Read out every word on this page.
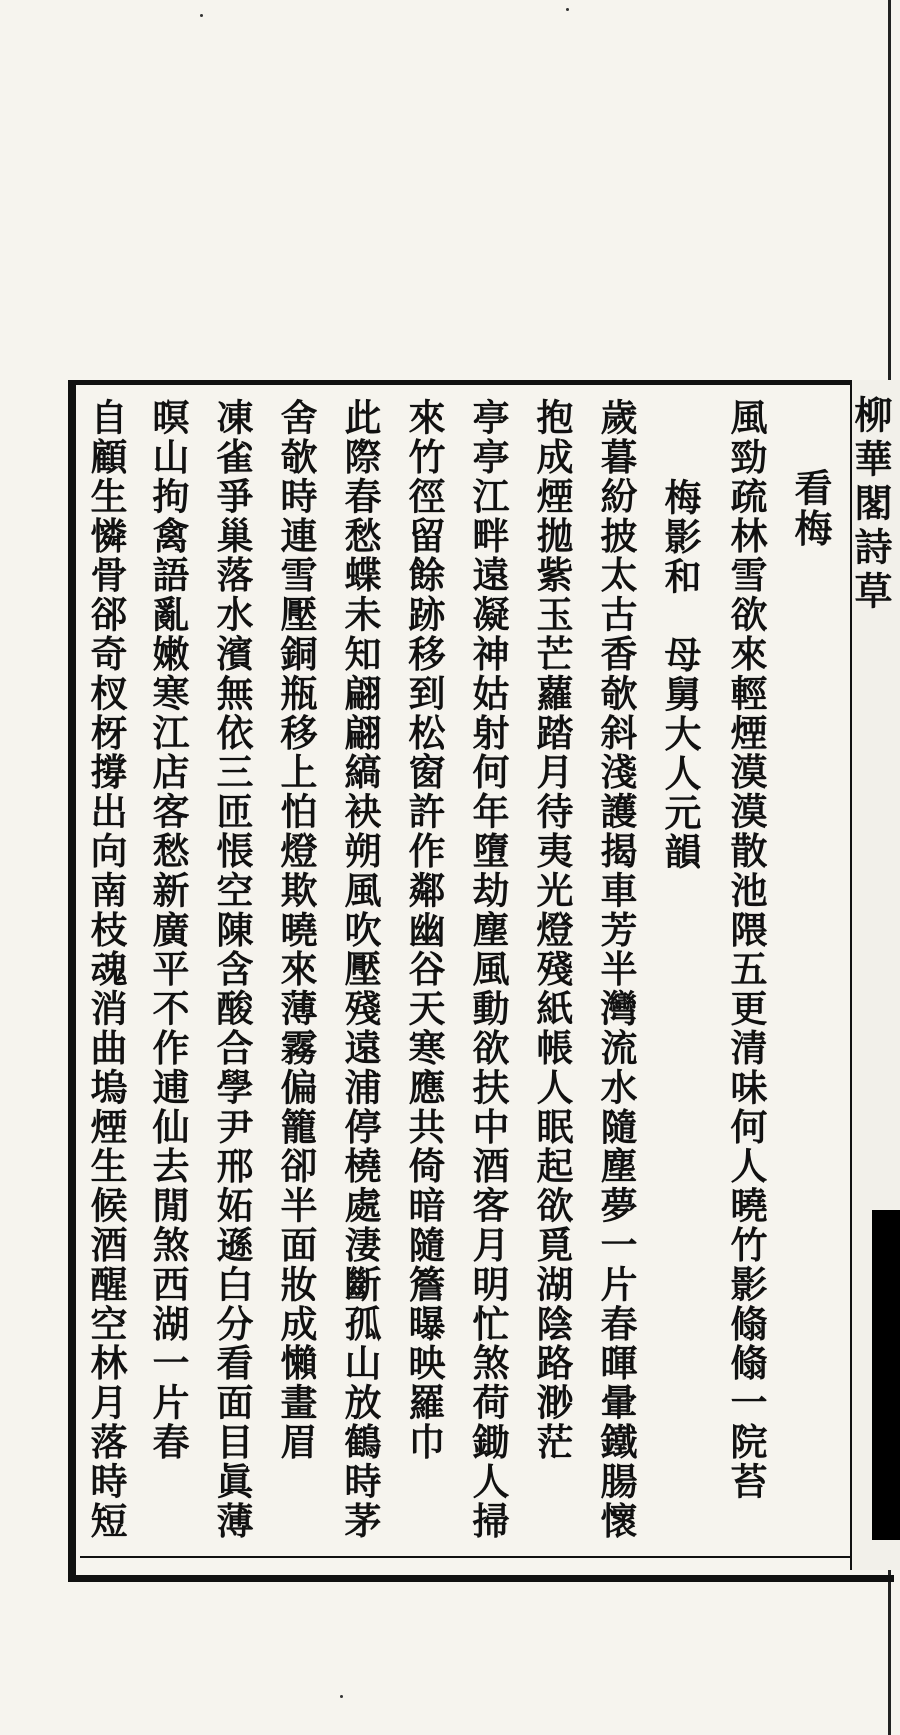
柳華閣詩草
看梅
風勁疏林雪欲來輕煙漠漠散池隈五更清味何人曉竹影翛翛一院苔
梅影和　母舅大人元韻
歲暮紛披太古香欹斜淺護揭車芳半灣流水隨塵夢一片春暉暈鐵腸懷
抱成煙拋紫玉芒蘿踏月待夷光燈殘紙帳人眠起欲覓湖陰路渺茫
亭亭江畔遠凝神姑射何年墮劫塵風動欲扶中酒客月明忙煞荷鋤人掃
來竹徑留餘跡移到松窗許作鄰幽谷天寒應共倚暗隨簷曝映羅巾
此際春愁蝶未知翩翩縞袂朔風吹壓殘遠浦停橈處淒斷孤山放鶴時茅
舍欹時連雪壓銅瓶移上怕燈欺曉來薄霧偏籠卻半面妝成懶畫眉
凍雀爭巢落水濱無依三匝悵空陳含酸合學尹邢妬遜白分看面目眞薄
暝山拘禽語亂嫩寒江店客愁新廣平不作逋仙去閒煞西湖一片春
自顧生憐骨郤奇杈枒撐出向南枝魂消曲塢煙生候酒醒空林月落時短
